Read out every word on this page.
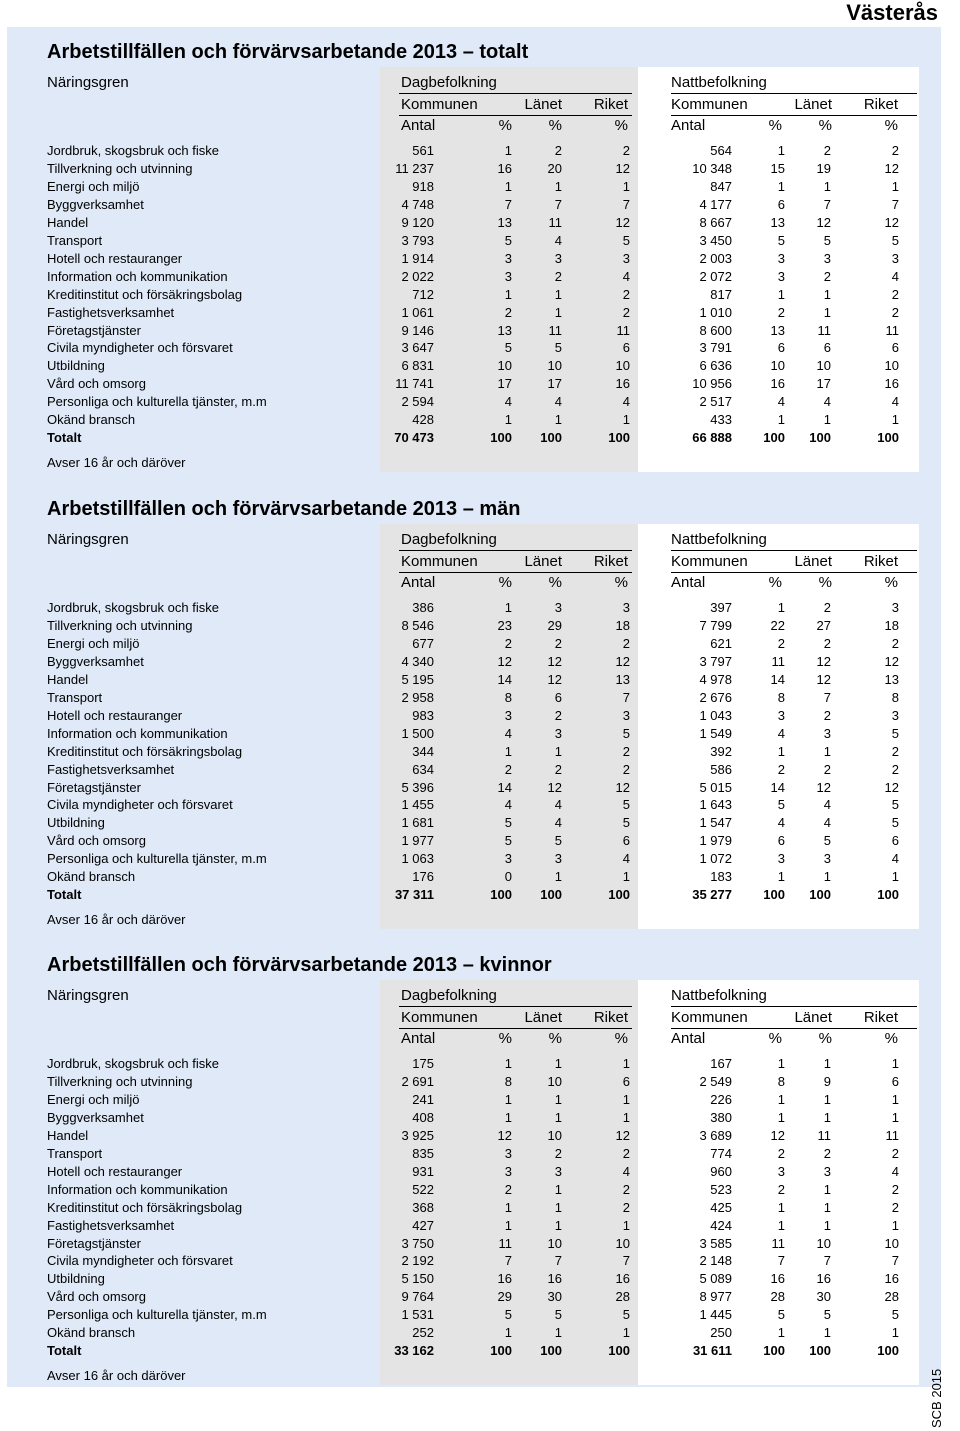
Västerås
Arbetstillfällen och förvärvsarbetande 2013 – totalt
Näringsgren	Dagbefolkning	Nattbefolkning
Kommunen	Länet	Riket	Kommunen	Länet	Riket
Antal	%	%	%	Antal	%	%	%
Jordbruk, skogsbruk och fiske	561	1	2	2	564	1	2	2
Tillverkning och utvinning	11 237	16	20	12	10 348	15	19	12
Energi och miljö	918	1	1	1	847	1	1	1
Byggverksamhet	4 748	7	7	7	4 177	6	7	7
Handel	9 120	13	11	12	8 667	13	12	12
Transport	3 793	5	4	5	3 450	5	5	5
Hotell och restauranger	1 914	3	3	3	2 003	3	3	3
Information och kommunikation	2 022	3	2	4	2 072	3	2	4
Kreditinstitut och försäkringsbolag	712	1	1	2	817	1	1	2
Fastighetsverksamhet	1 061	2	1	2	1 010	2	1	2
Företagstjänster	9 146	13	11	11	8 600	13	11	11
Civila myndigheter och försvaret	3 647	5	5	6	3 791	6	6	6
Utbildning	6 831	10	10	10	6 636	10	10	10
Vård och omsorg	11 741	17	17	16	10 956	16	17	16
Personliga och kulturella tjänster, m.m	2 594	4	4	4	2 517	4	4	4
Okänd bransch	428	1	1	1	433	1	1	1
Totalt	70 473	100	100	100	66 888	100	100	100
Avser 16 år och däröver
Arbetstillfällen och förvärvsarbetande 2013 – män
Näringsgren	Dagbefolkning	Nattbefolkning
Kommunen	Länet	Riket	Kommunen	Länet	Riket
Antal	%	%	%	Antal	%	%	%
Jordbruk, skogsbruk och fiske	386	1	3	3	397	1	2	3
Tillverkning och utvinning	8 546	23	29	18	7 799	22	27	18
Energi och miljö	677	2	2	2	621	2	2	2
Byggverksamhet	4 340	12	12	12	3 797	11	12	12
Handel	5 195	14	12	13	4 978	14	12	13
Transport	2 958	8	6	7	2 676	8	7	8
Hotell och restauranger	983	3	2	3	1 043	3	2	3
Information och kommunikation	1 500	4	3	5	1 549	4	3	5
Kreditinstitut och försäkringsbolag	344	1	1	2	392	1	1	2
Fastighetsverksamhet	634	2	2	2	586	2	2	2
Företagstjänster	5 396	14	12	12	5 015	14	12	12
Civila myndigheter och försvaret	1 455	4	4	5	1 643	5	4	5
Utbildning	1 681	5	4	5	1 547	4	4	5
Vård och omsorg	1 977	5	5	6	1 979	6	5	6
Personliga och kulturella tjänster, m.m	1 063	3	3	4	1 072	3	3	4
Okänd bransch	176	0	1	1	183	1	1	1
Totalt	37 311	100	100	100	35 277	100	100	100
Avser 16 år och däröver
Arbetstillfällen och förvärvsarbetande 2013 – kvinnor
Näringsgren	Dagbefolkning	Nattbefolkning
Kommunen	Länet	Riket	Kommunen	Länet	Riket
Antal	%	%	%	Antal	%	%	%
Jordbruk, skogsbruk och fiske	175	1	1	1	167	1	1	1
Tillverkning och utvinning	2 691	8	10	6	2 549	8	9	6
Energi och miljö	241	1	1	1	226	1	1	1
Byggverksamhet	408	1	1	1	380	1	1	1
Handel	3 925	12	10	12	3 689	12	11	11
Transport	835	3	2	2	774	2	2	2
Hotell och restauranger	931	3	3	4	960	3	3	4
Information och kommunikation	522	2	1	2	523	2	1	2
Kreditinstitut och försäkringsbolag	368	1	1	2	425	1	1	2
Fastighetsverksamhet	427	1	1	1	424	1	1	1
Företagstjänster	3 750	11	10	10	3 585	11	10	10
Civila myndigheter och försvaret	2 192	7	7	7	2 148	7	7	7
Utbildning	5 150	16	16	16	5 089	16	16	16
Vård och omsorg	9 764	29	30	28	8 977	28	30	28
Personliga och kulturella tjänster, m.m	1 531	5	5	5	1 445	5	5	5
Okänd bransch	252	1	1	1	250	1	1	1
Totalt	33 162	100	100	100	31 611	100	100	100
Avser 16 år och däröver	SCB 2015
